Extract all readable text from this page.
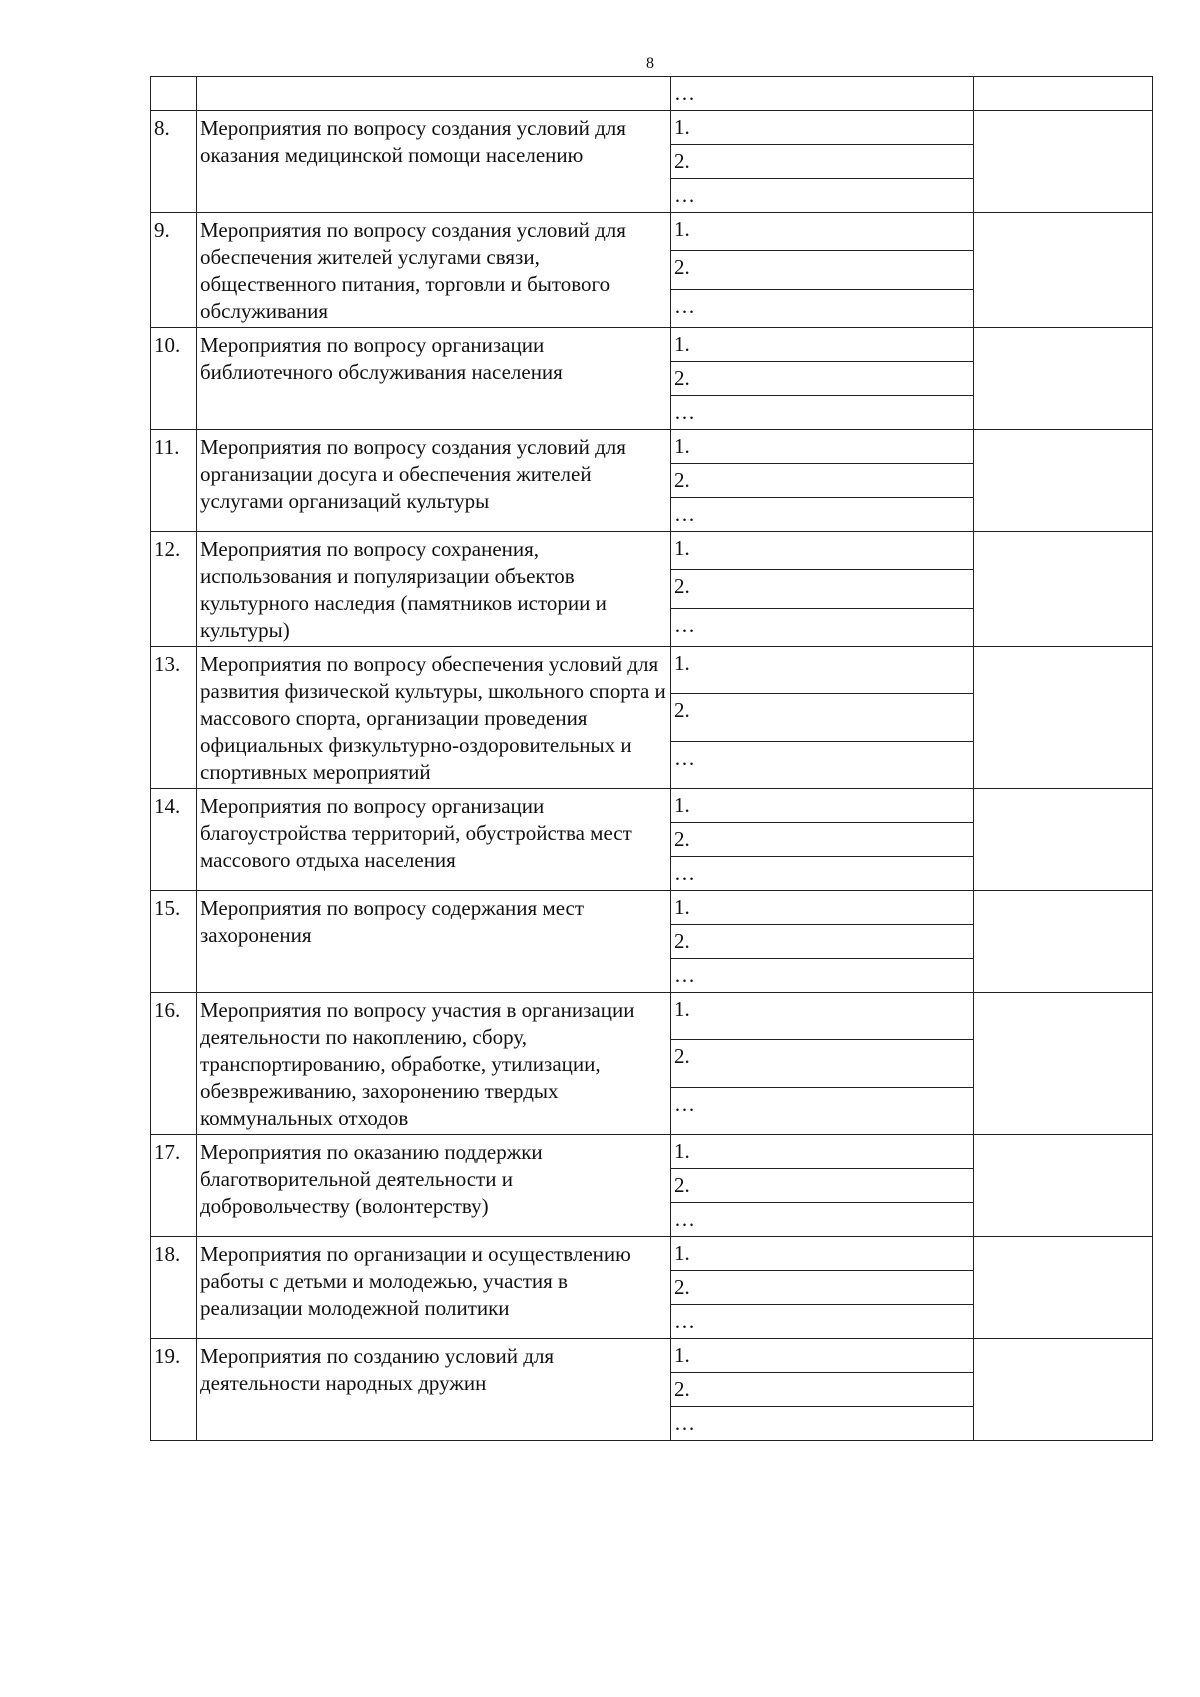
8
		…	
8.	Мероприятия по вопросу создания условий для оказания медицинской помощи населению	1.	
		2.	
		…	
9.	Мероприятия по вопросу создания условий для обеспечения жителей услугами связи, общественного питания, торговли и бытового обслуживания	1.	
		2.	
		…	
10.	Мероприятия по вопросу организации библиотечного обслуживания населения	1.	
		2.	
		…	
11.	Мероприятия по вопросу создания условий для организации досуга и обеспечения жителей услугами организаций культуры	1.	
		2.	
		…	
12.	Мероприятия по вопросу сохранения, использования и популяризации объектов культурного наследия (памятников истории и культуры)	1.	
		2.	
		…	
13.	Мероприятия по вопросу обеспечения условий для развития физической культуры, школьного спорта и массового спорта, организации проведения официальных физкультурно-оздоровительных и спортивных мероприятий	1.	
		2.	
		…	
14.	Мероприятия по вопросу организации благоустройства территорий, обустройства мест массового отдыха населения	1.	
		2.	
		…	
15.	Мероприятия по вопросу содержания мест захоронения	1.	
		2.	
		…	
16.	Мероприятия по вопросу участия в организации деятельности по накоплению, сбору, транспортированию, обработке, утилизации, обезвреживанию, захоронению твердых коммунальных отходов	1.	
		2.	
		…	
17.	Мероприятия по оказанию поддержки благотворительной деятельности и добровольчеству (волонтерству)	1.	
		2.	
		…	
18.	Мероприятия по организации и осуществлению работы с детьми и молодежью, участия в реализации молодежной политики	1.	
		2.	
		…	
19.	Мероприятия по созданию условий для деятельности народных дружин	1.	
		2.	
		…	
